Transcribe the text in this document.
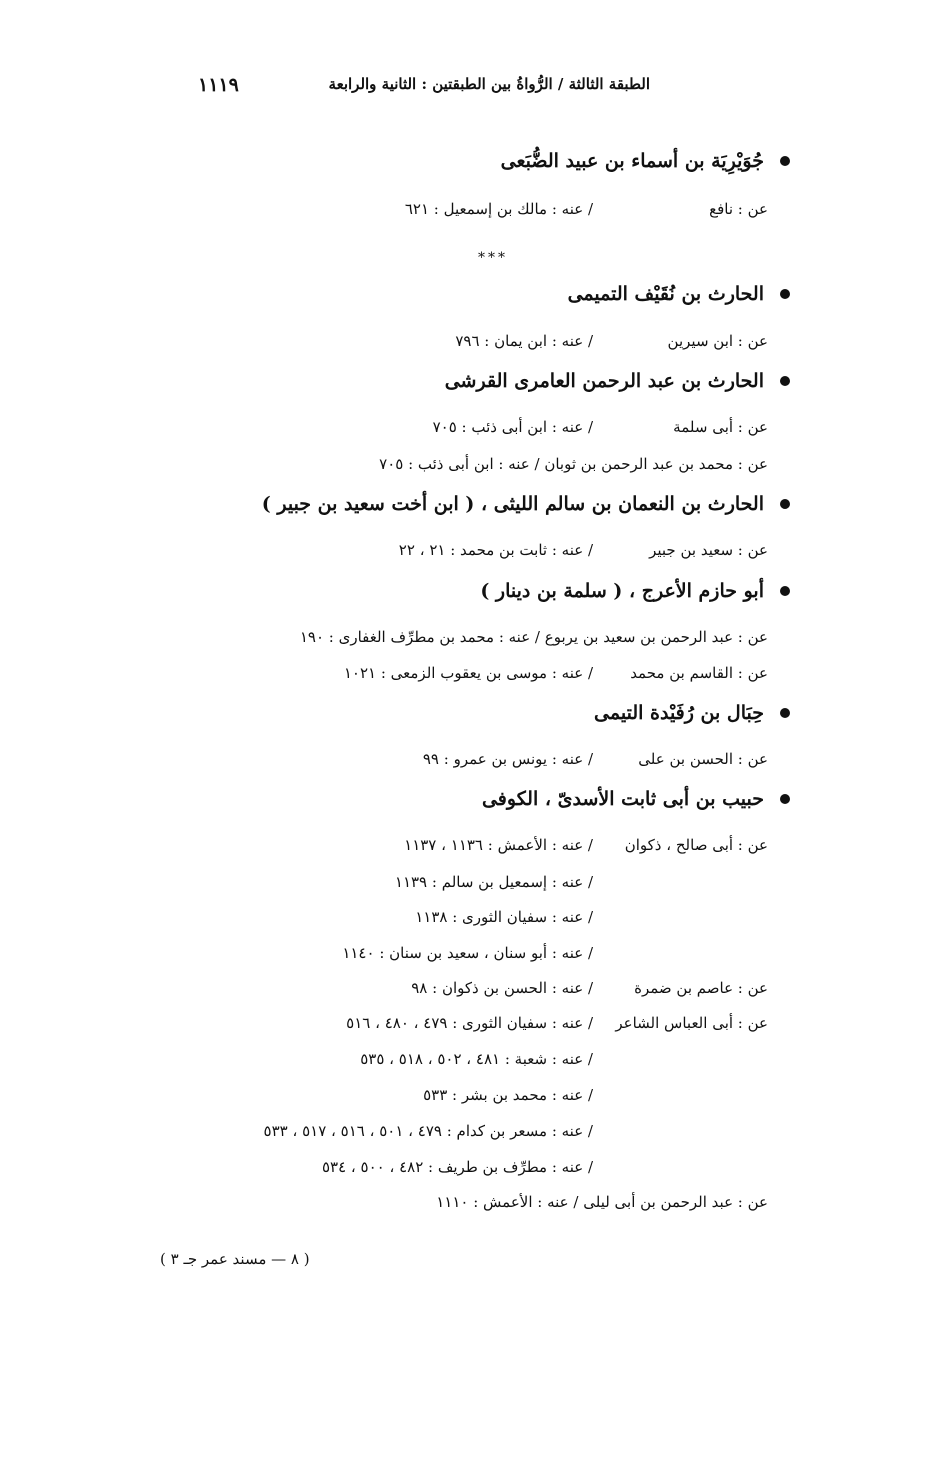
١١١٩	الطبقة الثالثة / الرُّواةُ بين الطبقتين : الثانية والرابعة
جُوَيْرِيَة بن أسماء بن عبيد الضُّبَعى
عن : نافع
/ عنه : مالك بن إسمعيل : ٦٢١
***
الحارث بن نُقَيْف التميمى
عن : ابن سيرين
/ عنه : ابن يمان : ٧٩٦
الحارث بن عبد الرحمن العامرى القرشى
عن : أبى سلمة
/ عنه : ابن أبى ذئب : ٧٠٥
عن : محمد بن عبد الرحمن بن ثوبان / عنه : ابن أبى ذئب : ٧٠٥
الحارث بن النعمان بن سالم الليثى ، ( ابن أخت سعيد بن جبير )
عن : سعيد بن جبير
/ عنه : ثابت بن محمد : ٢١ ، ٢٢
أبو حازم الأعرج ، ( سلمة بن دينار )
عن : عبد الرحمن بن سعيد بن يربوع / عنه : محمد بن مطرِّف الغفارى : ١٩٠
عن : القاسم بن محمد
/ عنه : موسى بن يعقوب الزمعى : ١٠٢١
حِبَال بن رُفَيْدة التيمى
عن : الحسن بن على
/ عنه : يونس بن عمرو : ٩٩
حبيب بن أبى ثابت الأسدىّ ، الكوفى
عن : أبى صالح ، ذكوان
/ عنه : الأعمش : ١١٣٦ ، ١١٣٧
/ عنه : إسمعيل بن سالم : ١١٣٩
/ عنه : سفيان الثورى : ١١٣٨
/ عنه : أبو سنان ، سعيد بن سنان : ١١٤٠
عن : عاصم بن ضمرة
/ عنه : الحسن بن ذكوان : ٩٨
عن : أبى العباس الشاعر
/ عنه : سفيان الثورى : ٤٧٩ ، ٤٨٠ ، ٥١٦
/ عنه : شعبة : ٤٨١ ، ٥٠٢ ، ٥١٨ ، ٥٣٥
/ عنه : محمد بن بشر : ٥٣٣
/ عنه : مسعر بن كدام : ٤٧٩ ، ٥٠١ ، ٥١٦ ، ٥١٧ ، ٥٣٣
/ عنه : مطرِّف بن طريف : ٤٨٢ ، ٥٠٠ ، ٥٣٤
عن : عبد الرحمن بن أبى ليلى / عنه : الأعمش : ١١١٠
( ٨ — مسند عمر جـ ٣ )
